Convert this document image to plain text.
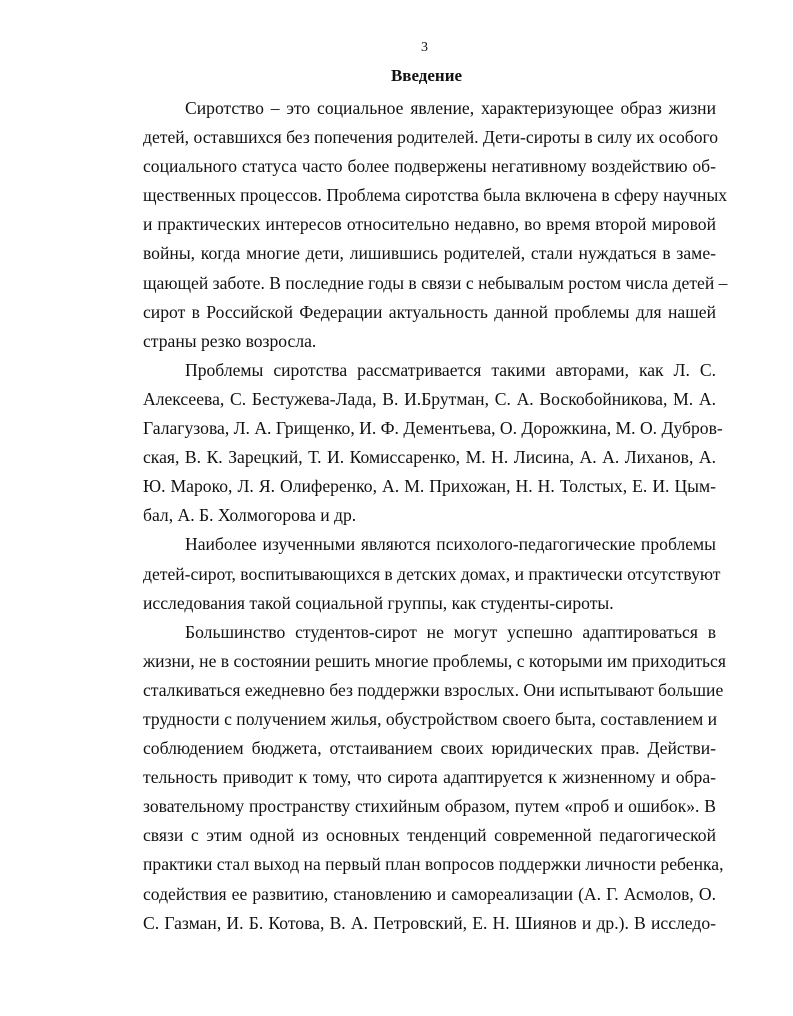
3
Введение
Сиротство – это социальное явление, характеризующее образ жизни
детей, оставшихся без попечения родителей. Дети-сироты в силу их особого
социального статуса часто более подвержены негативному воздействию об-
щественных процессов. Проблема сиротства была включена в сферу научных
и практических интересов относительно недавно, во время второй мировой
войны, когда многие дети, лишившись родителей, стали нуждаться в заме-
щающей заботе. В последние годы в связи с небывалым ростом числа детей –
сирот в Российской Федерации актуальность данной проблемы для нашей
страны резко возросла.
Проблемы сиротства рассматривается такими авторами, как Л. С.
Алексеева, С. Бестужева-Лада, В. И.Брутман, С. А. Воскобойникова, М. А.
Галагузова, Л. А. Грищенко, И. Ф. Дементьева, О. Дорожкина, М. О. Дубров-
ская, В. К. Зарецкий, Т. И. Комиссаренко, М. Н. Лисина, А. А. Лиханов, А.
Ю. Мароко, Л. Я. Олиференко, А. М. Прихожан, Н. Н. Толстых, Е. И. Цым-
бал, А. Б. Холмогорова и др.
Наиболее изученными являются психолого-педагогические проблемы
детей-сирот, воспитывающихся в детских домах, и практически отсутствуют
исследования такой социальной группы, как студенты-сироты.
Большинство студентов-сирот не могут успешно адаптироваться в
жизни, не в состоянии решить многие проблемы, с которыми им приходиться
сталкиваться ежедневно без поддержки взрослых. Они испытывают большие
трудности с получением жилья, обустройством своего быта, составлением и
соблюдением бюджета, отстаиванием своих юридических прав. Действи-
тельность приводит к тому, что сирота адаптируется к жизненному и обра-
зовательному пространству стихийным образом, путем «проб и ошибок». В
связи с этим одной из основных тенденций современной педагогической
практики стал выход на первый план вопросов поддержки личности ребенка,
содействия ее развитию, становлению и самореализации (А. Г. Асмолов, О.
С. Газман, И. Б. Котова, В. А. Петровский, Е. Н. Шиянов и др.). В исследо-
